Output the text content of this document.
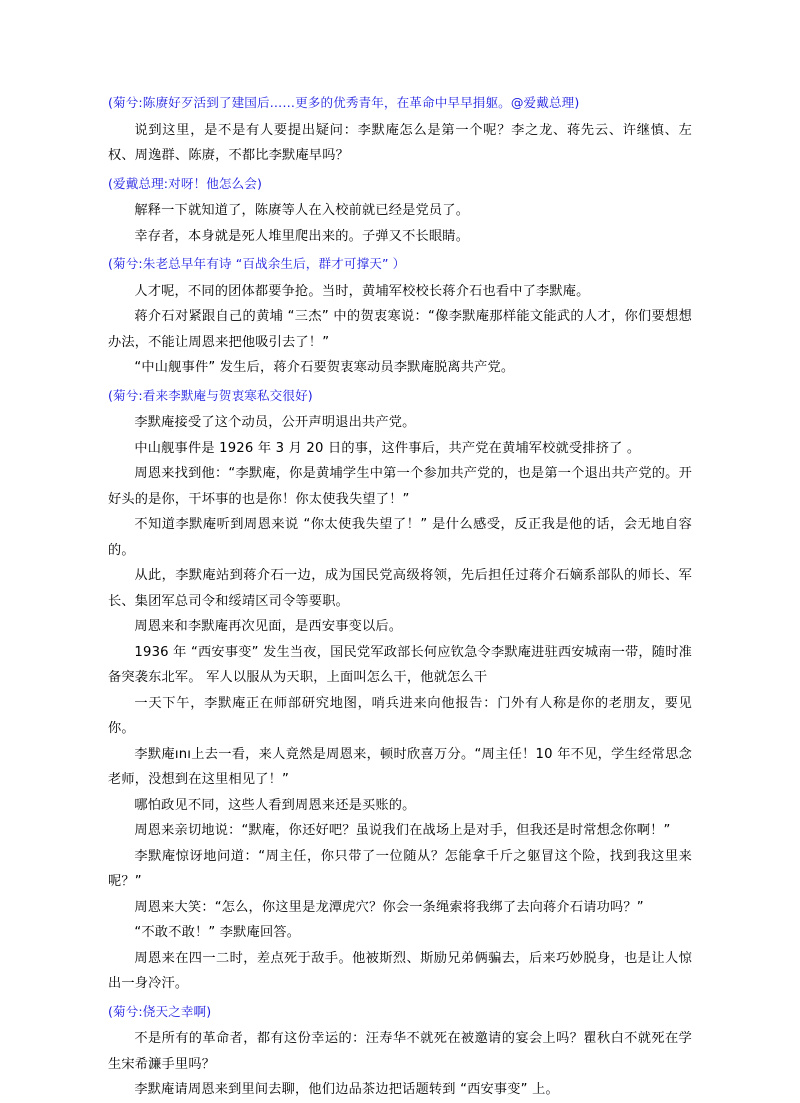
(菊兮:陈赓好歹活到了建国后……更多的优秀青年，在革命中早早捐躯。@爱戴总理)

说到这里，是不是有人要提出疑问：李默庵怎么是第一个呢？李之龙、蒋先云、许继慎、左权、周逸群、陈赓，不都比李默庵早吗？

(爱戴总理:对呀！他怎么会)

解释一下就知道了，陈赓等人在入校前就已经是党员了。

幸存者，本身就是死人堆里爬出来的。子弹又不长眼睛。

(菊兮:朱老总早年有诗 “百战余生后，群才可撑天” ）

人才呢，不同的团体都要争抢。当时，黄埔军校校长蒋介石也看中了李默庵。

蒋介石对紧跟自己的黄埔 “三杰” 中的贺衷寒说：“像李默庵那样能文能武的人才，你们要想想办法，不能让周恩来把他吸引去了！”

“中山舰事件” 发生后，蒋介石要贺衷寒动员李默庵脱离共产党。

(菊兮:看来李默庵与贺衷寒私交很好)

李默庵接受了这个动员，公开声明退出共产党。

中山舰事件是 1926 年 3 月 20 日的事，这件事后，共产党在黄埔军校就受排挤了 。

周恩来找到他：“李默庵，你是黄埔学生中第一个参加共产党的，也是第一个退出共产党的。开好头的是你，干坏事的也是你！你太使我失望了！”

不知道李默庵听到周恩来说 “你太使我失望了！” 是什么感受，反正我是他的话，会无地自容的。

从此，李默庵站到蒋介石一边，成为国民党高级将领，先后担任过蒋介石嫡系部队的师长、军长、集团军总司令和绥靖区司令等要职。

周恩来和李默庵再次见面，是西安事变以后。

1936 年 “西安事变” 发生当夜，国民党军政部长何应钦急令李默庵进驻西安城南一带，随时准备突袭东北军。 军人以服从为天职，上面叫怎么干，他就怎么干

一天下午，李默庵正在师部研究地图，哨兵进来向他报告：门外有人称是你的老朋友，要见你。

李默庵ını上去一看，来人竟然是周恩来，顿时欣喜万分。“周主任！10 年不见，学生经常思念老师，没想到在这里相见了！”

哪怕政见不同，这些人看到周恩来还是买账的。

周恩来亲切地说：“默庵，你还好吧？虽说我们在战场上是对手，但我还是时常想念你啊！”

李默庵惊讶地问道：“周主任，你只带了一位随从？怎能拿千斤之躯冒这个险，找到我这里来呢？”

周恩来大笑：“怎么，你这里是龙潭虎穴？你会一条绳索将我绑了去向蒋介石请功吗？”

“不敢不敢！” 李默庵回答。

周恩来在四一二时，差点死于敌手。他被斯烈、斯励兄弟俩骗去，后来巧妙脱身，也是让人惊出一身冷汗。

(菊兮:侥天之幸啊)

不是所有的革命者，都有这份幸运的：汪寿华不就死在被邀请的宴会上吗？瞿秋白不就死在学生宋希濂手里吗？

李默庵请周恩来到里间去聊，他们边品茶边把话题转到 “西安事变” 上。
